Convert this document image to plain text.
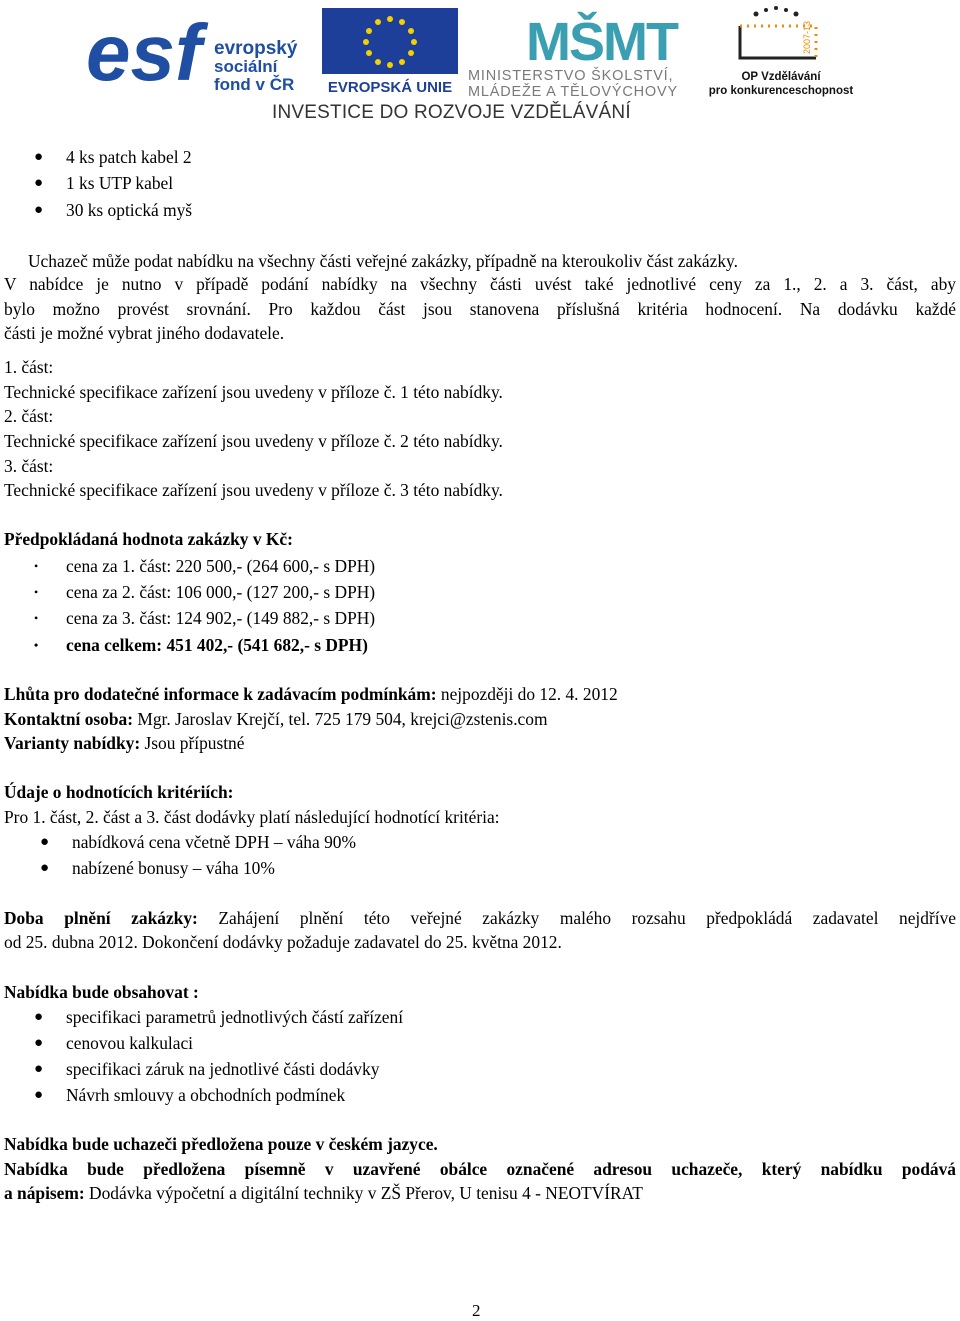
esf evropský
sociální
fond v ČR EVROPSKÁ UNIE
MŠMT
MINISTERSTVO ŠKOLSTVÍ,
MLÁDEŽE A TĚLOVÝCHOVY
2007-13
OP Vzdělávání
pro konkurenceschopnost
INVESTICE DO ROZVOJE VZDĚLÁVÁNÍ
● 4 ks patch kabel 2
● 1 ks UTP kabel
● 30 ks optická myš
Uchazeč může podat nabídku na všechny části veřejné zakázky, případně na kteroukoliv část zakázky.
V nabídce je nutno v případě podání nabídky na všechny části uvést také jednotlivé ceny za 1., 2. a 3. část, aby
bylo možno provést srovnání. Pro každou část jsou stanovena příslušná kritéria hodnocení. Na dodávku každé
části je možné vybrat jiného dodavatele.
1. část:
Technické specifikace zařízení jsou uvedeny v příloze č. 1 této nabídky.
2. část:
Technické specifikace zařízení jsou uvedeny v příloze č. 2 této nabídky.
3. část:
Technické specifikace zařízení jsou uvedeny v příloze č. 3 této nabídky.
Předpokládaná hodnota zakázky v Kč:
• cena za 1. část: 220 500,- (264 600,- s DPH)
• cena za 2. část: 106 000,- (127 200,- s DPH)
• cena za 3. část: 124 902,- (149 882,- s DPH)
• cena celkem: 451 402,- (541 682,- s DPH)
Lhůta pro dodatečné informace k zadávacím podmínkám: nejpozději do 12. 4. 2012
Kontaktní osoba: Mgr. Jaroslav Krejčí, tel. 725 179 504, krejci@zstenis.com
Varianty nabídky: Jsou přípustné
Údaje o hodnotících kritériích:
Pro 1. část, 2. část a 3. část dodávky platí následující hodnotící kritéria:
● nabídková cena včetně DPH – váha 90%
● nabízené bonusy – váha 10%
Doba plnění zakázky: Zahájení plnění této veřejné zakázky malého rozsahu předpokládá zadavatel nejdříve
od 25. dubna 2012. Dokončení dodávky požaduje zadavatel do 25. května 2012.
Nabídka bude obsahovat :
● specifikaci parametrů jednotlivých částí zařízení
● cenovou kalkulaci
● specifikaci záruk na jednotlivé části dodávky
● Návrh smlouvy a obchodních podmínek
Nabídka bude uchazeči předložena pouze v českém jazyce.
Nabídka bude předložena písemně v uzavřené obálce označené adresou uchazeče, který nabídku podává
a nápisem: Dodávka výpočetní a digitální techniky v ZŠ Přerov, U tenisu 4 - NEOTVÍRAT
2
